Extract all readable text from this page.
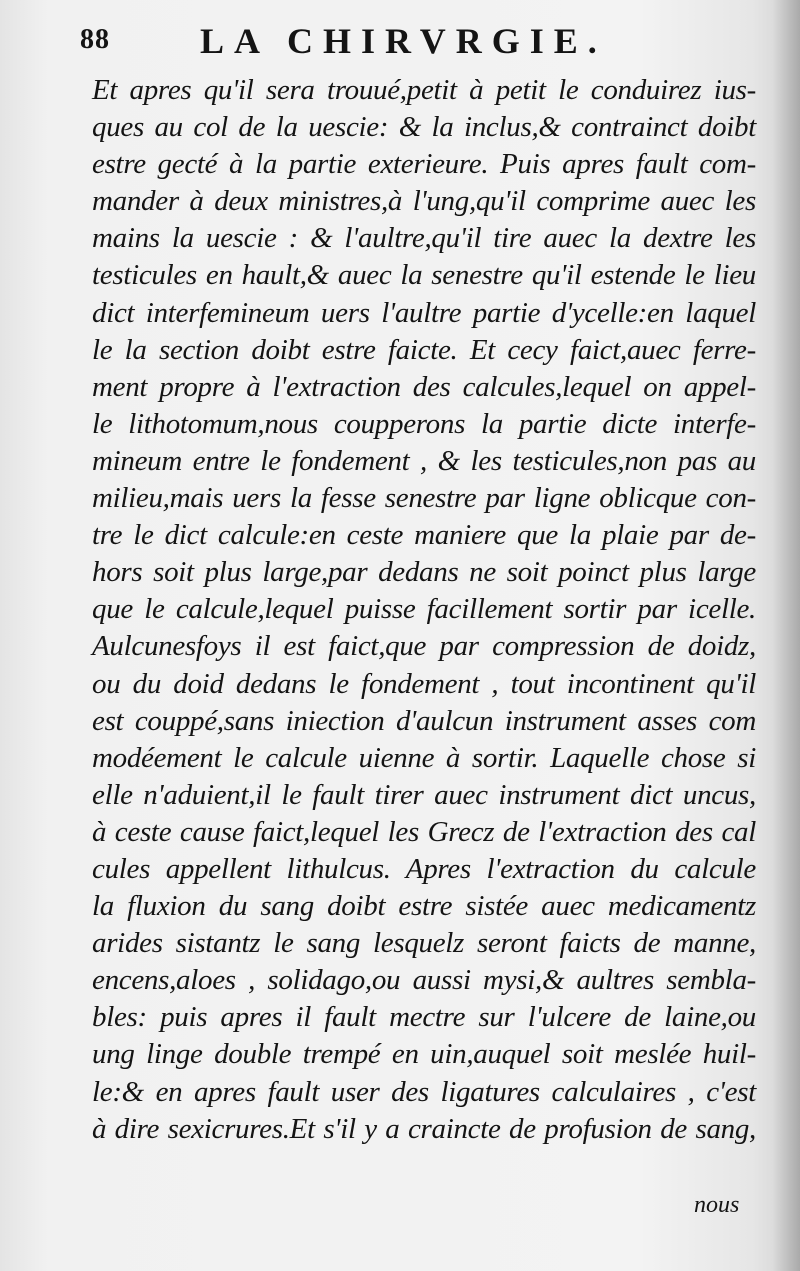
88	LA CHIRVRGIE.
Et apres qu'il sera trouué,petit à petit le conduirez ius-
ques au col de la uescie: & la inclus,& contrainct doibt
estre gecté à la partie exterieure. Puis apres fault com-
mander à deux ministres,à l'ung,qu'il comprime auec les
mains la uescie : & l'aultre,qu'il tire auec la dextre les
testicules en hault,& auec la senestre qu'il estende le lieu
dict interfemineum uers l'aultre partie d'ycelle:en laquel
le la section doibt estre faicte. Et cecy faict,auec ferre-
ment propre à l'extraction des calcules,lequel on appel-
le lithotomum,nous coupperons la partie dicte interfe-
mineum entre le fondement , & les testicules,non pas au
milieu,mais uers la fesse senestre par ligne oblicque con-
tre le dict calcule:en ceste maniere que la plaie par de-
hors soit plus large,par dedans ne soit poinct plus large
que le calcule,lequel puisse facillement sortir par icelle.
Aulcunesfoys il est faict,que par compression de doidz,
ou du doid dedans le fondement , tout incontinent qu'il
est couppé,sans iniection d'aulcun instrument asses com
modéement le calcule uienne à sortir. Laquelle chose si
elle n'aduient,il le fault tirer auec instrument dict uncus,
à ceste cause faict,lequel les Grecz de l'extraction des cal
cules appellent lithulcus. Apres l'extraction du calcule
la fluxion du sang doibt estre sistée auec medicamentz
arides sistantz le sang lesquelz seront faicts de manne,
encens,aloes , solidago,ou aussi mysi,& aultres sembla-
bles: puis apres il fault mectre sur l'ulcere de laine,ou
ung linge double trempé en uin,auquel soit meslée huil-
le:& en apres fault user des ligatures calculaires , c'est
à dire sexicrures.Et s'il y a craincte de profusion de sang,
nous
